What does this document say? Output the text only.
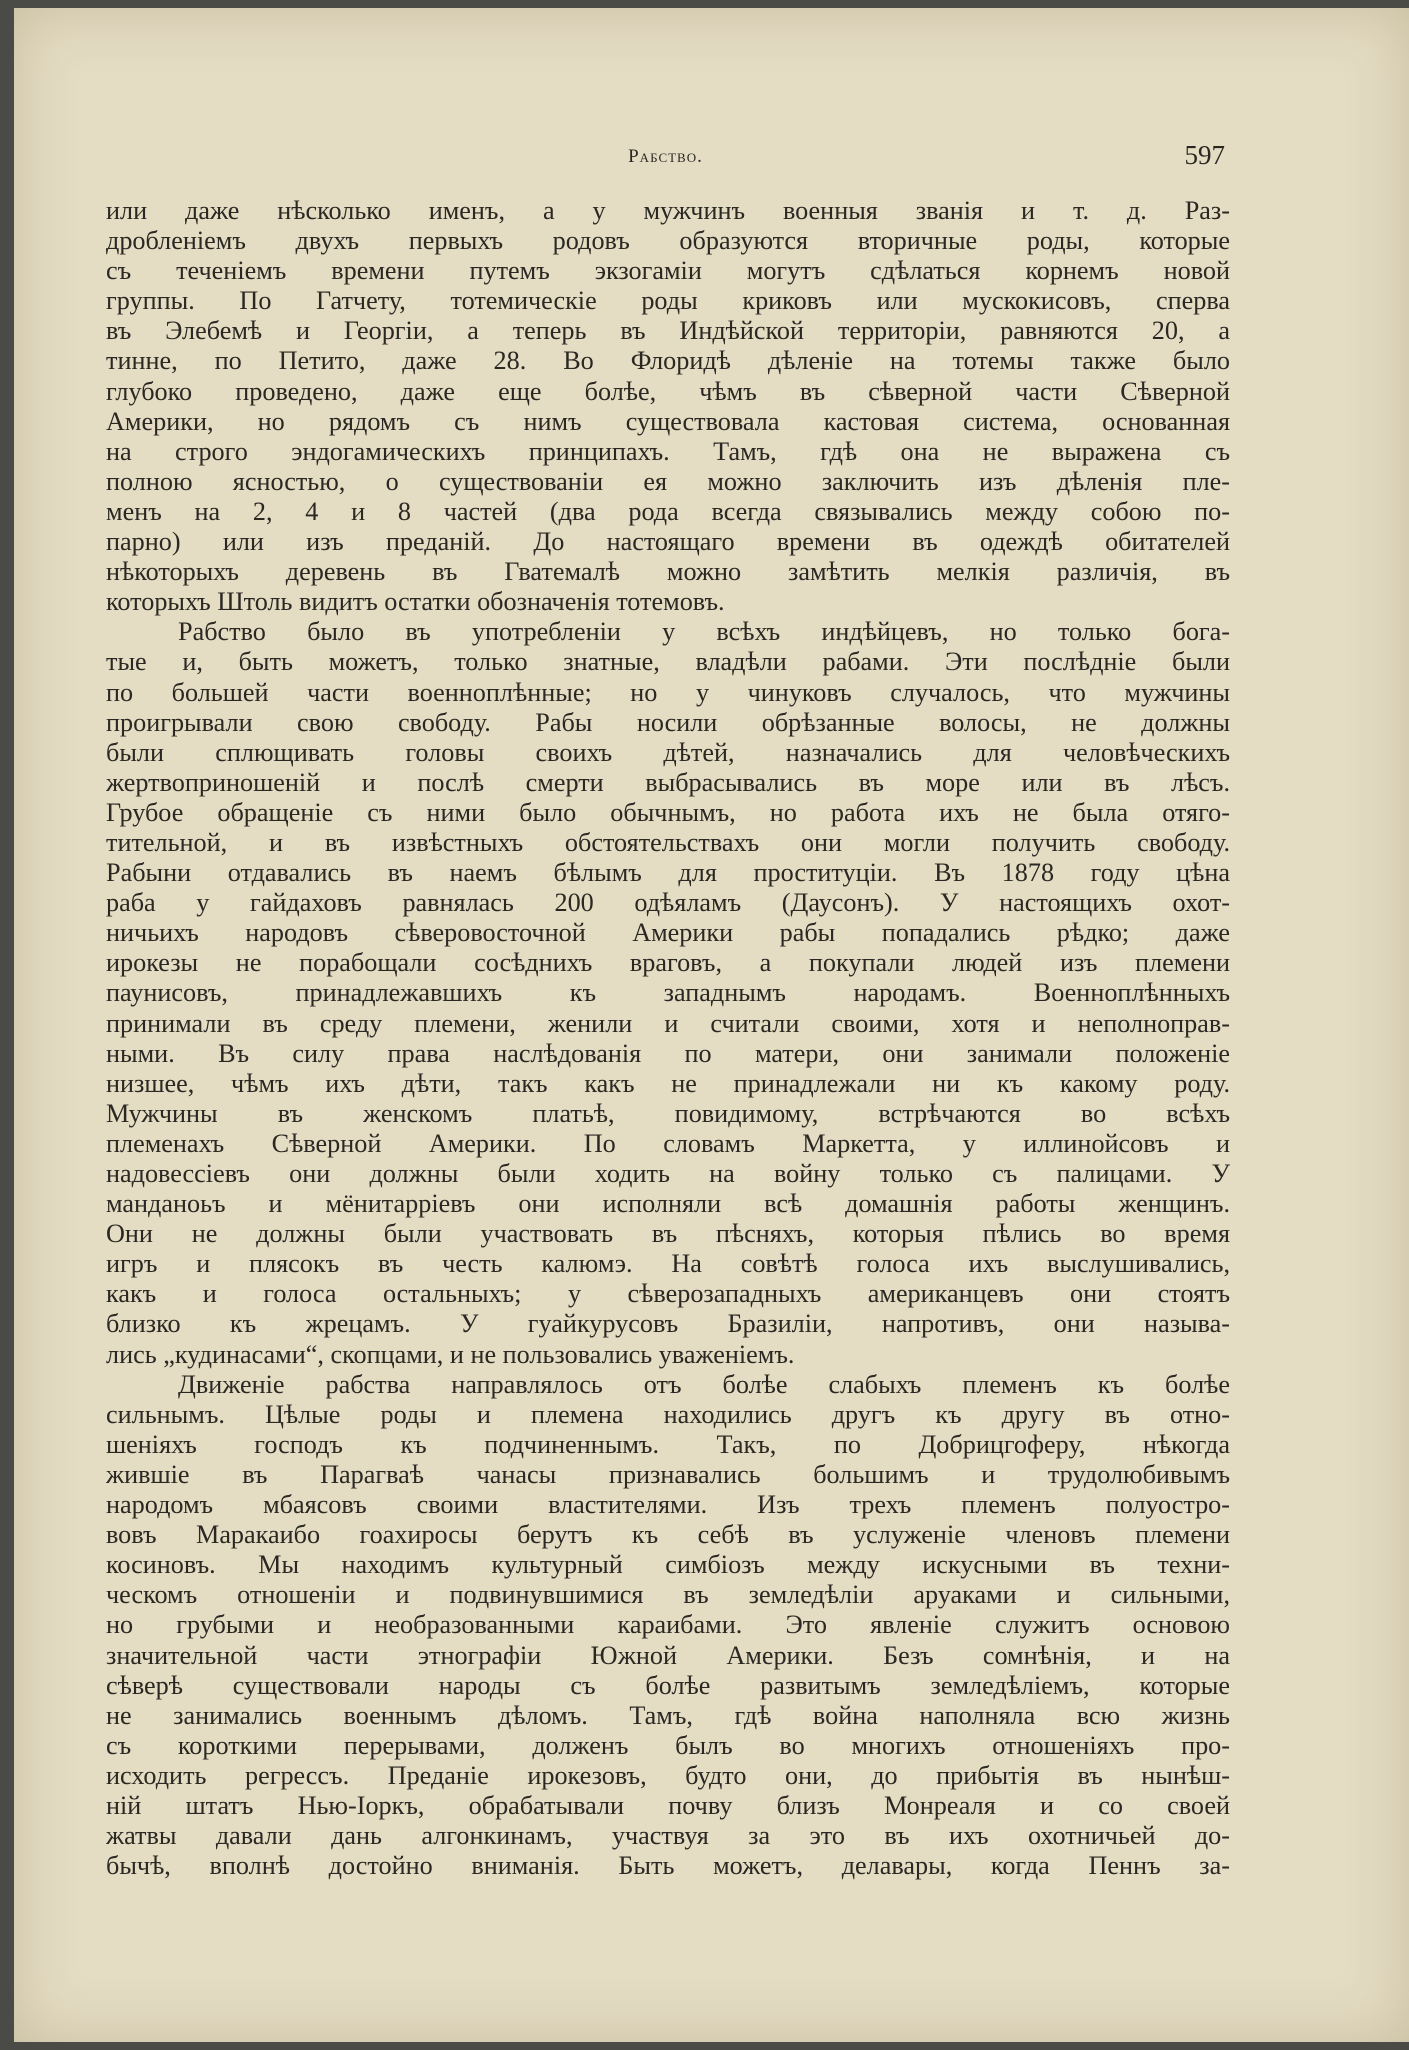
Рабство.	597
или даже нѣсколько именъ, а у мужчинъ военныя званія и т. д. Раз-
дробленіемъ двухъ первыхъ родовъ образуются вторичные роды, которые
съ теченіемъ времени путемъ экзогаміи могутъ сдѣлаться корнемъ новой
группы. По Гатчету, тотемическіе роды криковъ или мускокисовъ, сперва
въ Элебемѣ и Георгіи, а теперь въ Индѣйской территоріи, равняются 20, а
тинне, по Петито, даже 28. Во Флоридѣ дѣленіе на тотемы также было
глубоко проведено, даже еще болѣе, чѣмъ въ сѣверной части Сѣверной
Америки, но рядомъ съ нимъ существовала кастовая система, основанная
на строго эндогамическихъ принципахъ. Тамъ, гдѣ она не выражена съ
полною ясностью, о существованіи ея можно заключить изъ дѣленія пле-
менъ на 2, 4 и 8 частей (два рода всегда связывались между собою по-
парно) или изъ преданій. До настоящаго времени въ одеждѣ обитателей
нѣкоторыхъ деревень въ Гватемалѣ можно замѣтить мелкія различія, въ
которыхъ Штоль видитъ остатки обозначенія тотемовъ.
Рабство было въ употребленіи у всѣхъ индѣйцевъ, но только бога-
тые и, быть можетъ, только знатные, владѣли рабами. Эти послѣдніе были
по большей части военноплѣнные; но у чинуковъ случалось, что мужчины
проигрывали свою свободу. Рабы носили обрѣзанные волосы, не должны
были сплющивать головы своихъ дѣтей, назначались для человѣческихъ
жертвоприношеній и послѣ смерти выбрасывались въ море или въ лѣсъ.
Грубое обращеніе съ ними было обычнымъ, но работа ихъ не была отяго-
тительной, и въ извѣстныхъ обстоятельствахъ они могли получить свободу.
Рабыни отдавались въ наемъ бѣлымъ для проституціи. Въ 1878 году цѣна
раба у гайдаховъ равнялась 200 одѣяламъ (Даусонъ). У настоящихъ охот-
ничьихъ народовъ сѣверовосточной Америки рабы попадались рѣдко; даже
ирокезы не порабощали сосѣднихъ враговъ, а покупали людей изъ племени
паунисовъ, принадлежавшихъ къ западнымъ народамъ. Военноплѣнныхъ
принимали въ среду племени, женили и считали своими, хотя и неполноправ-
ными. Въ силу права наслѣдованія по матери, они занимали положеніе
низшее, чѣмъ ихъ дѣти, такъ какъ не принадлежали ни къ какому роду.
Мужчины въ женскомъ платьѣ, повидимому, встрѣчаются во всѣхъ
племенахъ Сѣверной Америки. По словамъ Маркетта, у иллинойсовъ и
надовессіевъ они должны были ходить на войну только съ палицами. У
манданоьъ и мёнитарріевъ они исполняли всѣ домашнія работы женщинъ.
Они не должны были участвовать въ пѣсняхъ, которыя пѣлись во время
игръ и плясокъ въ честь калюмэ. На совѣтѣ голоса ихъ выслушивались,
какъ и голоса остальныхъ; у сѣверозападныхъ американцевъ они стоятъ
близко къ жрецамъ. У гуайкурусовъ Бразиліи, напротивъ, они называ-
лись „кудинасами“, скопцами, и не пользовались уваженіемъ.
Движеніе рабства направлялось отъ болѣе слабыхъ племенъ къ болѣе
сильнымъ. Цѣлые роды и племена находились другъ къ другу въ отно-
шеніяхъ господъ къ подчиненнымъ. Такъ, по Добрицгоферу, нѣкогда
жившіе въ Парагваѣ чанасы признавались большимъ и трудолюбивымъ
народомъ мбаясовъ своими властителями. Изъ трехъ племенъ полуостро-
вовъ Маракаибо гоахиросы берутъ къ себѣ въ услуженіе членовъ племени
косиновъ. Мы находимъ культурный симбіозъ между искусными въ техни-
ческомъ отношеніи и подвинувшимися въ земледѣліи аруаками и сильными,
но грубыми и необразованными караибами. Это явленіе служитъ основою
значительной части этнографіи Южной Америки. Безъ сомнѣнія, и на
сѣверѣ существовали народы съ болѣе развитымъ земледѣліемъ, которые
не занимались военнымъ дѣломъ. Тамъ, гдѣ война наполняла всю жизнь
съ короткими перерывами, долженъ былъ во многихъ отношеніяхъ про-
исходить регрессъ. Преданіе ирокезовъ, будто они, до прибытія въ нынѣш-
ній штатъ Нью-Іоркъ, обрабатывали почву близъ Монреаля и со своей
жатвы давали дань алгонкинамъ, участвуя за это въ ихъ охотничьей до-
бычѣ, вполнѣ достойно вниманія. Быть можетъ, делавары, когда Пеннъ за-
